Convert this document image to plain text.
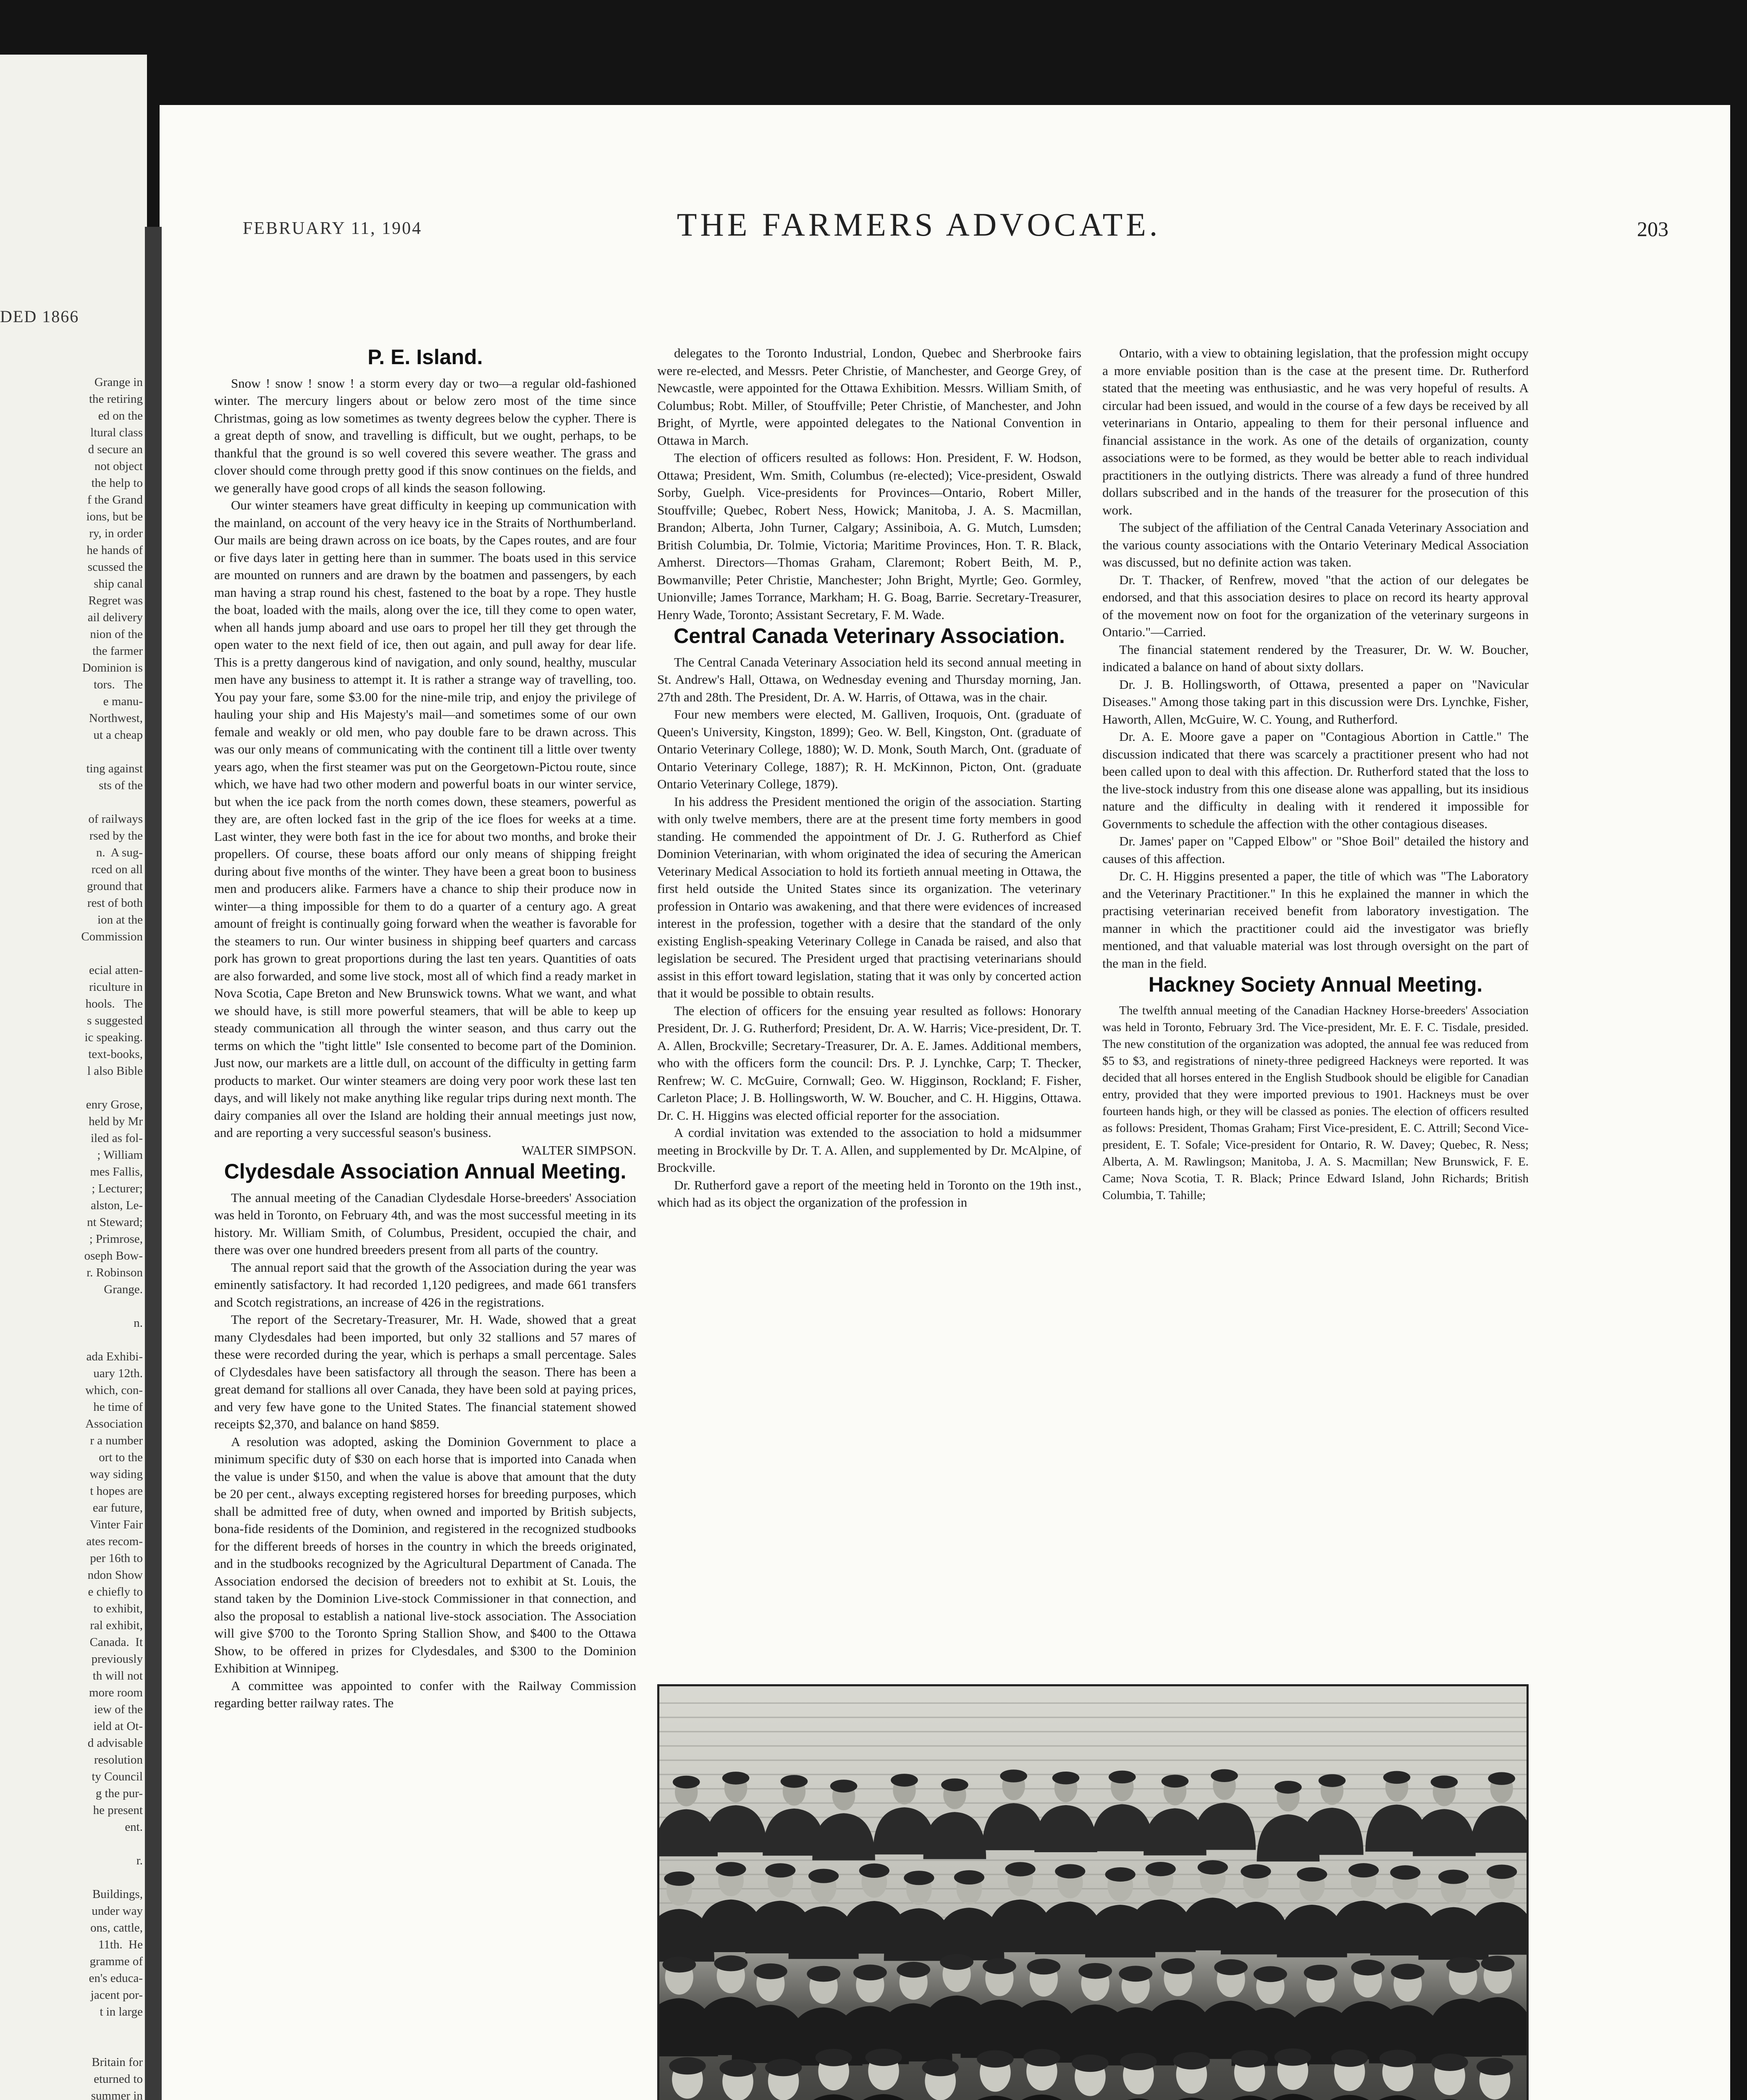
DED 1866
Grange in
the retiring
ed on the
ltural class
d secure an
not object
the help to
f the Grand
ions, but be
ry, in order
he hands of
scussed the
ship canal
Regret was
ail delivery
nion of the
the farmer
Dominion is
tors.   The
e manu-
Northwest,
ut a cheap

ting against
sts of the

of railways
rsed by the
n.  A sug-
rced on all
ground that
rest of both
ion at the
Commission

ecial atten-
riculture in
hools.   The
s suggested
ic speaking.
text-books,
l also Bible

enry Grose,
held by Mr
iled as fol-
; William
mes Fallis,
; Lecturer;
alston, Le-
nt Steward;
; Primrose,
oseph Bow-
r. Robinson
Grange.

n.

ada Exhibi-
uary 12th.
which, con-
he time of
Association
r a number
ort to the
way siding
t hopes are
ear future,
Vinter Fair
ates recom-
per 16th to
ndon Show
e chiefly to
to exhibit,
ral exhibit,
Canada.  It
previously
th will not
more room
iew of the
ield at Ot-
d advisable
resolution
ty Council
g the pur-
he present
ent.

r.

Buildings,
under way
ons, cattle,
11th.  He
gramme of
en's educa-
jacent por-
t in large

Britain for
eturned to
summer in
FEBRUARY 11, 1904	THE FARMERS ADVOCATE.	203
P. E. Island.

Snow ! snow ! snow ! a storm every day or two—a regular old-fashioned winter. The mercury lingers about or below zero most of the time since Christmas, going as low sometimes as twenty degrees below the cypher. There is a great depth of snow, and travelling is difficult, but we ought, perhaps, to be thankful that the ground is so well covered this severe weather. The grass and clover should come through pretty good if this snow continues on the fields, and we generally have good crops of all kinds the season following.

Our winter steamers have great difficulty in keeping up communication with the mainland, on account of the very heavy ice in the Straits of Northumberland. Our mails are being drawn across on ice boats, by the Capes routes, and are four or five days later in getting here than in summer. The boats used in this service are mounted on runners and are drawn by the boatmen and passengers, by each man having a strap round his chest, fastened to the boat by a rope. They hustle the boat, loaded with the mails, along over the ice, till they come to open water, when all hands jump aboard and use oars to propel her till they get through the open water to the next field of ice, then out again, and pull away for dear life. This is a pretty dangerous kind of navigation, and only sound, healthy, muscular men have any business to attempt it. It is rather a strange way of travelling, too. You pay your fare, some $3.00 for the nine-mile trip, and enjoy the privilege of hauling your ship and His Majesty's mail—and sometimes some of our own female and weakly or old men, who pay double fare to be drawn across. This was our only means of communicating with the continent till a little over twenty years ago, when the first steamer was put on the Georgetown-Pictou route, since which, we have had two other modern and powerful boats in our winter service, but when the ice pack from the north comes down, these steamers, powerful as they are, are often locked fast in the grip of the ice floes for weeks at a time. Last winter, they were both fast in the ice for about two months, and broke their propellers. Of course, these boats afford our only means of shipping freight during about five months of the winter. They have been a great boon to business men and producers alike. Farmers have a chance to ship their produce now in winter—a thing impossible for them to do a quarter of a century ago. A great amount of freight is continually going forward when the weather is favorable for the steamers to run. Our winter business in shipping beef quarters and carcass pork has grown to great proportions during the last ten years. Quantities of oats are also forwarded, and some live stock, most all of which find a ready market in Nova Scotia, Cape Breton and New Brunswick towns. What we want, and what we should have, is still more powerful steamers, that will be able to keep up steady communication all through the winter season, and thus carry out the terms on which the "tight little" Isle consented to become part of the Dominion. Just now, our markets are a little dull, on account of the difficulty in getting farm products to market. Our winter steamers are doing very poor work these last ten days, and will likely not make anything like regular trips during next month. The dairy companies all over the Island are holding their annual meetings just now, and are reporting a very successful season's business.

WALTER SIMPSON.

Clydesdale Association Annual Meeting.

The annual meeting of the Canadian Clydesdale Horse-breeders' Association was held in Toronto, on February 4th, and was the most successful meeting in its history. Mr. William Smith, of Columbus, President, occupied the chair, and there was over one hundred breeders present from all parts of the country.

The annual report said that the growth of the Association during the year was eminently satisfactory. It had recorded 1,120 pedigrees, and made 661 transfers and Scotch registrations, an increase of 426 in the registrations.

The report of the Secretary-Treasurer, Mr. H. Wade, showed that a great many Clydesdales had been imported, but only 32 stallions and 57 mares of these were recorded during the year, which is perhaps a small percentage. Sales of Clydesdales have been satisfactory all through the season. There has been a great demand for stallions all over Canada, they have been sold at paying prices, and very few have gone to the United States. The financial statement showed receipts $2,370, and balance on hand $859.

A resolution was adopted, asking the Dominion Government to place a minimum specific duty of $30 on each horse that is imported into Canada when the value is under $150, and when the value is above that amount that the duty be 20 per cent., always excepting registered horses for breeding purposes, which shall be admitted free of duty, when owned and imported by British subjects, bona-fide residents of the Dominion, and registered in the recognized studbooks for the different breeds of horses in the country in which the breeds originated, and in the studbooks recognized by the Agricultural Department of Canada. The Association endorsed the decision of breeders not to exhibit at St. Louis, the stand taken by the Dominion Live-stock Commissioner in that connection, and also the proposal to establish a national live-stock association. The Association will give $700 to the Toronto Spring Stallion Show, and $400 to the Ottawa Show, to be offered in prizes for Clydesdales, and $300 to the Dominion Exhibition at Winnipeg.

A committee was appointed to confer with the Railway Commission regarding better railway rates. The

delegates to the Toronto Industrial, London, Quebec and Sherbrooke fairs were re-elected, and Messrs. Peter Christie, of Manchester, and George Grey, of Newcastle, were appointed for the Ottawa Exhibition. Messrs. William Smith, of Columbus; Robt. Miller, of Stouffville; Peter Christie, of Manchester, and John Bright, of Myrtle, were appointed delegates to the National Convention in Ottawa in March.

The election of officers resulted as follows: Hon. President, F. W. Hodson, Ottawa; President, Wm. Smith, Columbus (re-elected); Vice-president, Oswald Sorby, Guelph. Vice-presidents for Provinces—Ontario, Robert Miller, Stouffville; Quebec, Robert Ness, Howick; Manitoba, J. A. S. Macmillan, Brandon; Alberta, John Turner, Calgary; Assiniboia, A. G. Mutch, Lumsden; British Columbia, Dr. Tolmie, Victoria; Maritime Provinces, Hon. T. R. Black, Amherst. Directors—Thomas Graham, Claremont; Robert Beith, M. P., Bowmanville; Peter Christie, Manchester; John Bright, Myrtle; Geo. Gormley, Unionville; James Torrance, Markham; H. G. Boag, Barrie. Secretary-Treasurer, Henry Wade, Toronto; Assistant Secretary, F. M. Wade.

Central Canada Veterinary Association.

The Central Canada Veterinary Association held its second annual meeting in St. Andrew's Hall, Ottawa, on Wednesday evening and Thursday morning, Jan. 27th and 28th. The President, Dr. A. W. Harris, of Ottawa, was in the chair.

Four new members were elected, M. Galliven, Iroquois, Ont. (graduate of Queen's University, Kingston, 1899); Geo. W. Bell, Kingston, Ont. (graduate of Ontario Veterinary College, 1880); W. D. Monk, South March, Ont. (graduate of Ontario Veterinary College, 1887); R. H. McKinnon, Picton, Ont. (graduate Ontario Veterinary College, 1879).

In his address the President mentioned the origin of the association. Starting with only twelve members, there are at the present time forty members in good standing. He commended the appointment of Dr. J. G. Rutherford as Chief Dominion Veterinarian, with whom originated the idea of securing the American Veterinary Medical Association to hold its fortieth annual meeting in Ottawa, the first held outside the United States since its organization. The veterinary profession in Ontario was awakening, and that there were evidences of increased interest in the profession, together with a desire that the standard of the only existing English-speaking Veterinary College in Canada be raised, and also that legislation be secured. The President urged that practising veterinarians should assist in this effort toward legislation, stating that it was only by concerted action that it would be possible to obtain results.

The election of officers for the ensuing year resulted as follows: Honorary President, Dr. J. G. Rutherford; President, Dr. A. W. Harris; Vice-president, Dr. T. A. Allen, Brockville; Secretary-Treasurer, Dr. A. E. James. Additional members, who with the officers form the council: Drs. P. J. Lynchke, Carp; T. Thecker, Renfrew; W. C. McGuire, Cornwall; Geo. W. Higginson, Rockland; F. Fisher, Carleton Place; J. B. Hollingsworth, W. W. Boucher, and C. H. Higgins, Ottawa. Dr. C. H. Higgins was elected official reporter for the association.

A cordial invitation was extended to the association to hold a midsummer meeting in Brockville by Dr. T. A. Allen, and supplemented by Dr. McAlpine, of Brockville.

Dr. Rutherford gave a report of the meeting held in Toronto on the 19th inst., which had as its object the organization of the profession in

Ontario, with a view to obtaining legislation, that the profession might occupy a more enviable position than is the case at the present time. Dr. Rutherford stated that the meeting was enthusiastic, and he was very hopeful of results. A circular had been issued, and would in the course of a few days be received by all veterinarians in Ontario, appealing to them for their personal influence and financial assistance in the work. As one of the details of organization, county associations were to be formed, as they would be better able to reach individual practitioners in the outlying districts. There was already a fund of three hundred dollars subscribed and in the hands of the treasurer for the prosecution of this work.

The subject of the affiliation of the Central Canada Veterinary Association and the various county associations with the Ontario Veterinary Medical Association was discussed, but no definite action was taken.

Dr. T. Thacker, of Renfrew, moved "that the action of our delegates be endorsed, and that this association desires to place on record its hearty approval of the movement now on foot for the organization of the veterinary surgeons in Ontario."—Carried.

The financial statement rendered by the Treasurer, Dr. W. W. Boucher, indicated a balance on hand of about sixty dollars.

Dr. J. B. Hollingsworth, of Ottawa, presented a paper on "Navicular Diseases." Among those taking part in this discussion were Drs. Lynchke, Fisher, Haworth, Allen, McGuire, W. C. Young, and Rutherford.

Dr. A. E. Moore gave a paper on "Contagious Abortion in Cattle." The discussion indicated that there was scarcely a practitioner present who had not been called upon to deal with this affection. Dr. Rutherford stated that the loss to the live-stock industry from this one disease alone was appalling, but its insidious nature and the difficulty in dealing with it rendered it impossible for Governments to schedule the affection with the other contagious diseases.

Dr. James' paper on "Capped Elbow" or "Shoe Boil" detailed the history and causes of this affection.

Dr. C. H. Higgins presented a paper, the title of which was "The Laboratory and the Veterinary Practitioner." In this he explained the manner in which the practising veterinarian received benefit from laboratory investigation. The manner in which the practitioner could aid the investigator was briefly mentioned, and that valuable material was lost through oversight on the part of the man in the field.

Hackney Society Annual Meeting.

The twelfth annual meeting of the Canadian Hackney Horse-breeders' Association was held in Toronto, February 3rd. The Vice-president, Mr. E. F. C. Tisdale, presided. The new constitution of the organization was adopted, the annual fee was reduced from $5 to $3, and registrations of ninety-three pedigreed Hackneys were reported. It was decided that all horses entered in the English Studbook should be eligible for Canadian entry, provided that they were imported previous to 1901. Hackneys must be over fourteen hands high, or they will be classed as ponies. The election of officers resulted as follows: President, Thomas Graham; First Vice-president, E. C. Attrill; Second Vice-president, E. T. Sofale; Vice-president for Ontario, R. W. Davey; Quebec, R. Ness; Alberta, A. M. Rawlingson; Manitoba, J. A. S. Macmillan; New Brunswick, F. E. Came; Nova Scotia, T. R. Black; Prince Edward Island, John Richards; British Columbia, T. Tahille;
